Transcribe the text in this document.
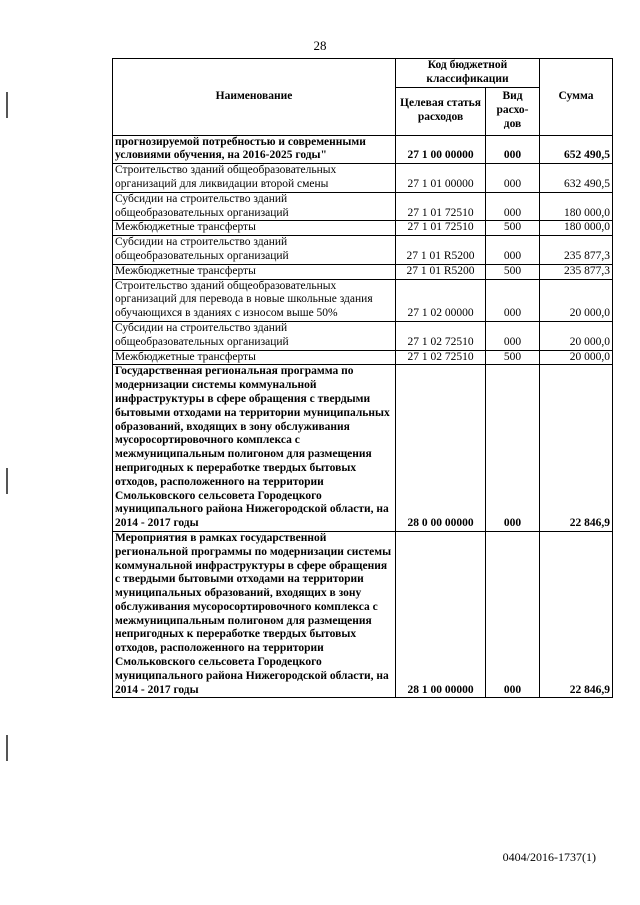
28
Наименование	Код бюджетной классификации		Сумма
	Целевая статья расходов	Вид расхо-дов	
прогнозируемой потребностью и современными условиями обучения, на 2016-2025 годы"	27 1 00 00000	000	652 490,5
Строительство зданий общеобразовательных организаций для ликвидации второй смены	27 1 01 00000	000	632 490,5
Субсидии на строительство зданий общеобразовательных организаций	27 1 01 72510	000	180 000,0
Межбюджетные трансферты	27 1 01 72510	500	180 000,0
Субсидии на строительство зданий общеобразовательных организаций	27 1 01 R5200	000	235 877,3
Межбюджетные трансферты	27 1 01 R5200	500	235 877,3
Строительство зданий общеобразовательных организаций для перевода в новые школьные здания обучающихся в зданиях с износом выше 50%	27 1 02 00000	000	20 000,0
Субсидии на строительство зданий общеобразовательных организаций	27 1 02 72510	000	20 000,0
Межбюджетные трансферты	27 1 02 72510	500	20 000,0
Государственная региональная программа по модернизации системы коммунальной инфраструктуры в сфере обращения с твердыми бытовыми отходами на территории муниципальных образований, входящих в зону обслуживания мусоросортировочного комплекса с межмуниципальным полигоном для размещения непригодных к переработке твердых бытовых отходов, расположенного на территории Смольковского сельсовета Городецкого муниципального района Нижегородской области, на 2014 - 2017 годы	28 0 00 00000	000	22 846,9
Мероприятия в рамках государственной региональной программы по модернизации системы коммунальной инфраструктуры в сфере обращения с твердыми бытовыми отходами на территории муниципальных образований, входящих в зону обслуживания мусоросортировочного комплекса с межмуниципальным полигоном для размещения непригодных к переработке твердых бытовых отходов, расположенного на территории Смольковского сельсовета Городецкого муниципального района Нижегородской области, на 2014 - 2017 годы	28 1 00 00000	000	22 846,9
0404/2016-1737(1)
